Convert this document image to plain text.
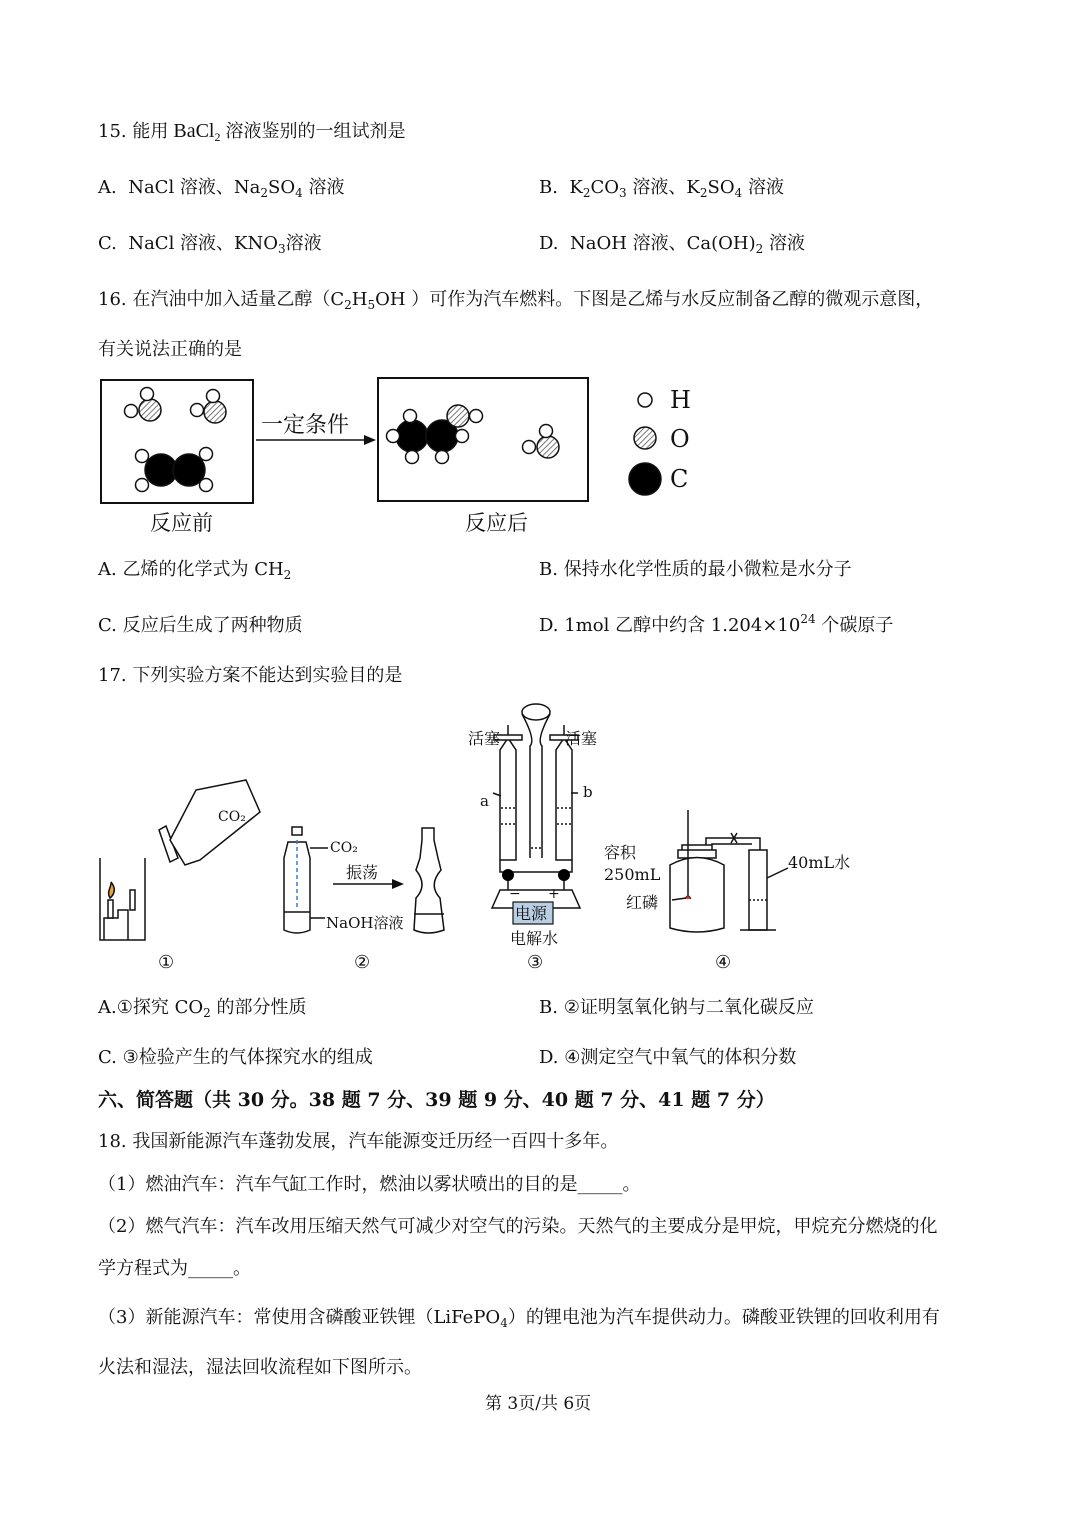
15. 能用 BaCl$_2$ 溶液鉴别的一组试剂是
A. NaCl 溶液、$Na_2SO_4$ 溶液	B. $K_2CO_3$ 溶液、$K_2SO_4$ 溶液
C. NaCl 溶液、$KNO_3$溶液	D. NaOH 溶液、$Ca(OH)_2$ 溶液
16. 在汽油中加入适量乙醇（$C_2H_5OH$ ）可作为汽车燃料。下图是乙烯与水反应制备乙醇的微观示意图，
有关说法正确的是
一定条件
反应前	反应后
H
O
C
A. 乙烯的化学式为 $CH_2$	B. 保持水化学性质的最小微粒是水分子
C. 反应后生成了两种物质	D. 1mol 乙醇中约含 $1.204\times 10^{24}$ 个碳原子
17. 下列实验方案不能达到实验目的是
CO₂
①
CO₂
振荡
NaOH溶液
②
电源
− +
活塞	活塞
a	b
电解水
③
容积
250mL
红磷
40mL水
④
A.①探究 $CO_2$ 的部分性质	B. ②证明氢氧化钠与二氧化碳反应
C. ③检验产生的气体探究水的组成	D. ④测定空气中氧气的体积分数
六、简答题（共 30 分。38 题 7 分、39 题 9 分、40 题 7 分、41 题 7 分）
18. 我国新能源汽车蓬勃发展，汽车能源变迁历经一百四十多年。
（1）燃油汽车：汽车气缸工作时，燃油以雾状喷出的目的是_____。
（2）燃气汽车：汽车改用压缩天然气可减少对空气的污染。天然气的主要成分是甲烷，甲烷充分燃烧的化
学方程式为_____。
（3）新能源汽车：常使用含磷酸亚铁锂（LiFePO$_4$）的锂电池为汽车提供动力。磷酸亚铁锂的回收利用有
火法和湿法，湿法回收流程如下图所示。
第 3页/共 6页
